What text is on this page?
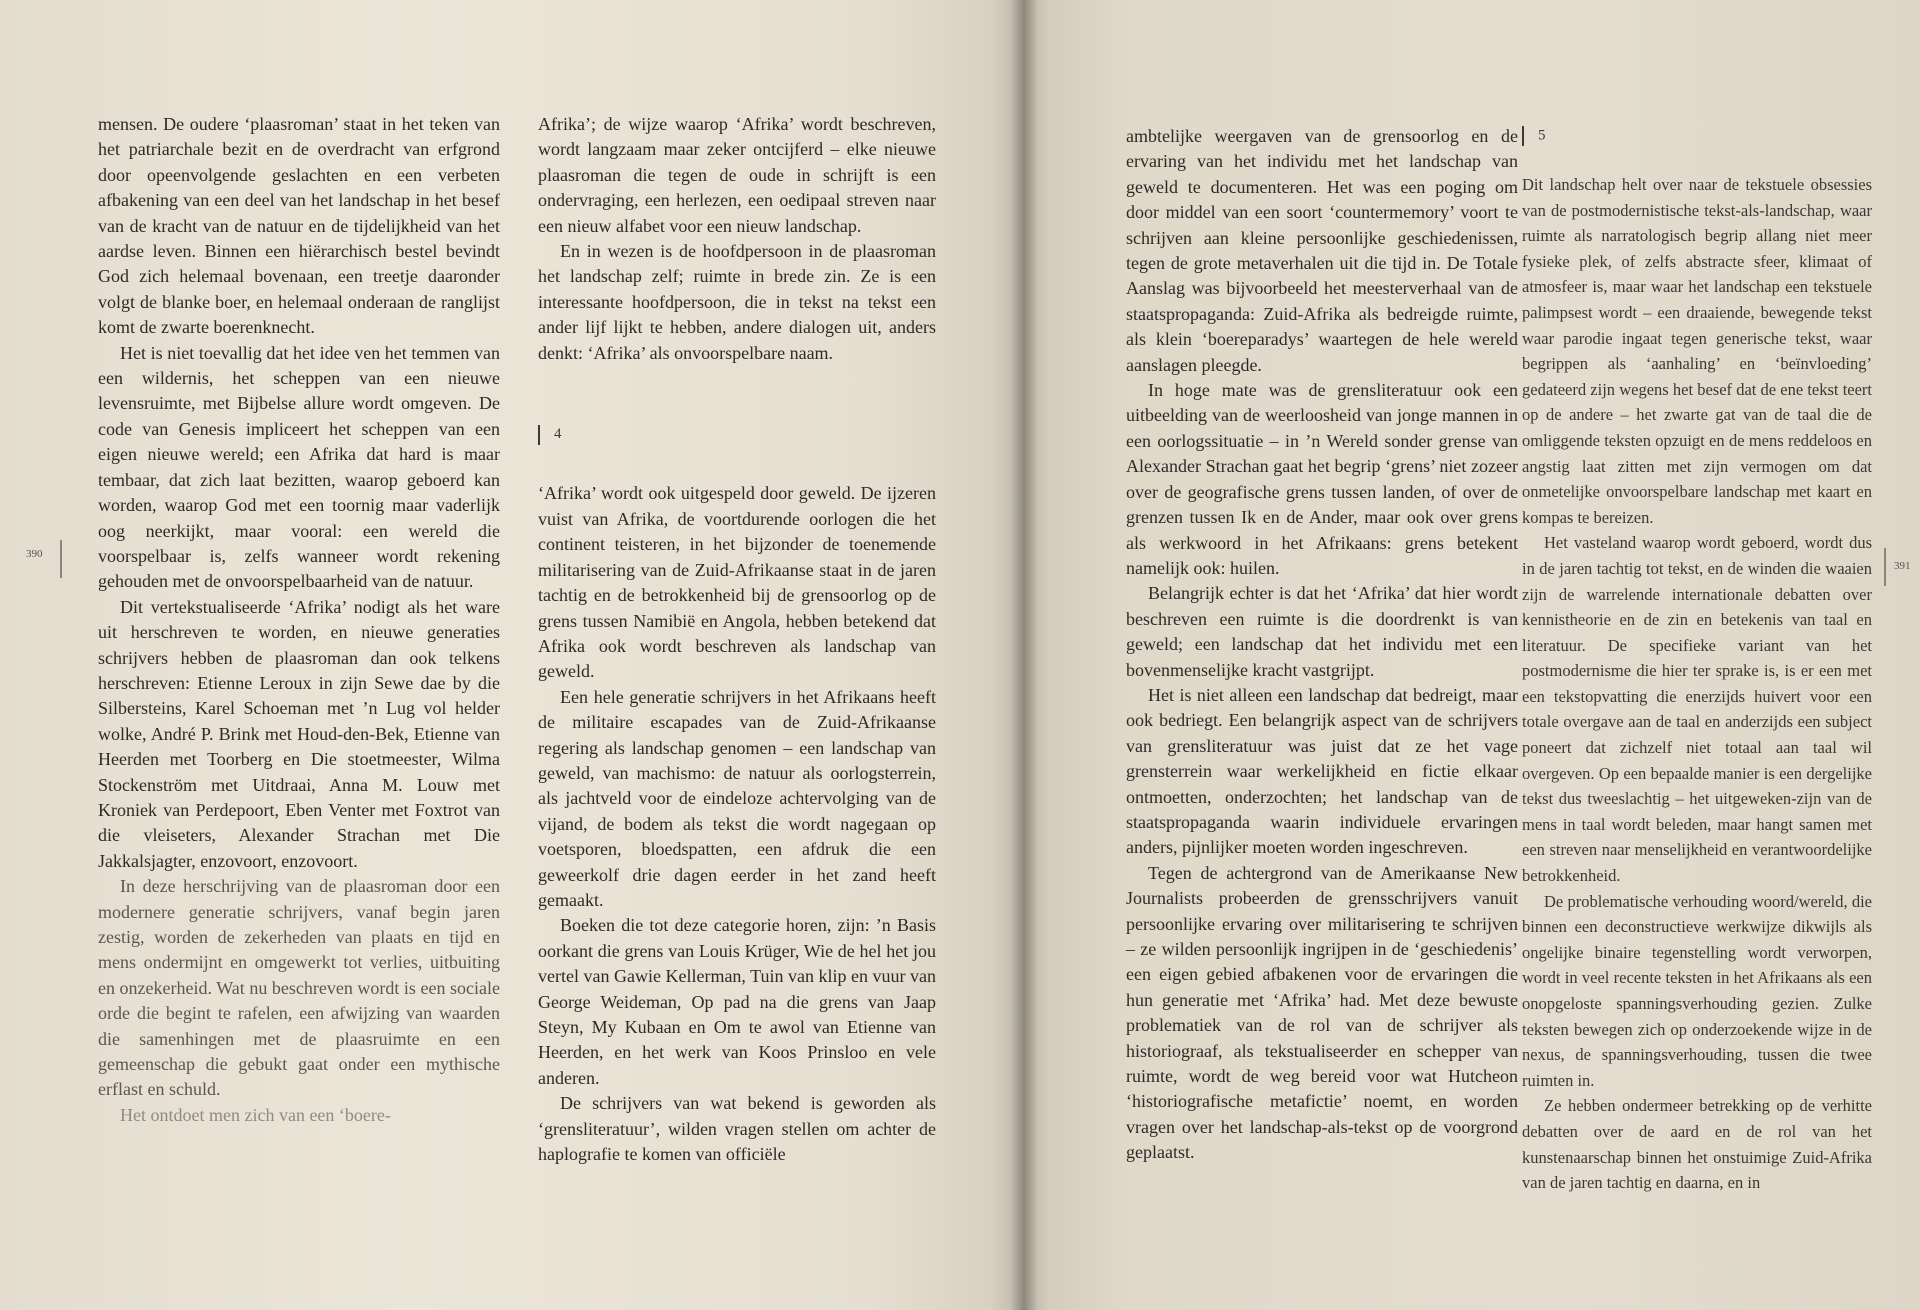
390

mensen. De oudere ‘plaasroman’ staat in het teken van het patriarchale bezit en de overdracht van erfgrond door opeenvolgende geslachten en een verbeten afbakening van een deel van het landschap in het besef van de kracht van de natuur en de tijdelijkheid van het aardse leven. Binnen een hiërarchisch bestel bevindt God zich helemaal bovenaan, een treetje daaronder volgt de blanke boer, en helemaal onderaan de ranglijst komt de zwarte boerenknecht.

Het is niet toevallig dat het idee ven het temmen van een wildernis, het scheppen van een nieuwe levensruimte, met Bijbelse allure wordt omgeven. De code van Genesis impliceert het scheppen van een eigen nieuwe wereld; een Afrika dat hard is maar tembaar, dat zich laat bezitten, waarop geboerd kan worden, waarop God met een toornig maar vaderlijk oog neerkijkt, maar vooral: een wereld die voorspelbaar is, zelfs wanneer wordt rekening gehouden met de onvoorspelbaarheid van de natuur.

Dit vertekstualiseerde ‘Afrika’ nodigt als het ware uit herschreven te worden, en nieuwe generaties schrijvers hebben de plaasroman dan ook telkens herschreven: Etienne Leroux in zijn Sewe dae by die Silbersteins, Karel Schoeman met ’n Lug vol helder wolke, André P. Brink met Houd-den-Bek, Etienne van Heerden met Toorberg en Die stoetmeester, Wilma Stockenström met Uitdraai, Anna M. Louw met Kroniek van Perdepoort, Eben Venter met Foxtrot van die vleiseters, Alexander Strachan met Die Jakkalsjagter, enzovoort, enzovoort.

In deze herschrijving van de plaasroman door een modernere generatie schrijvers, vanaf begin jaren zestig, worden de zekerheden van plaats en tijd en mens ondermijnt en omgewerkt tot verlies, uitbuiting en onzekerheid. Wat nu beschreven wordt is een sociale orde die begint te rafelen, een afwijzing van waarden die samenhingen met de plaasruimte en een gemeenschap die gebukt gaat onder een mythische erflast en schuld.

Het ontdoet men zich van een ‘boere-

Afrika’; de wijze waarop ‘Afrika’ wordt beschreven, wordt langzaam maar zeker ontcijferd – elke nieuwe plaasroman die tegen de oude in schrijft is een ondervraging, een herlezen, een oedipaal streven naar een nieuw alfabet voor een nieuw landschap.

En in wezen is de hoofdpersoon in de plaasroman het landschap zelf; ruimte in brede zin. Ze is een interessante hoofdpersoon, die in tekst na tekst een ander lijf lijkt te hebben, andere dialogen uit, anders denkt: ‘Afrika’ als onvoorspelbare naam.

4

‘Afrika’ wordt ook uitgespeld door geweld. De ijzeren vuist van Afrika, de voortdurende oorlogen die het continent teisteren, in het bijzonder de toenemende militarisering van de Zuid-Afrikaanse staat in de jaren tachtig en de betrokkenheid bij de grensoorlog op de grens tussen Namibië en Angola, hebben betekend dat Afrika ook wordt beschreven als landschap van geweld.

Een hele generatie schrijvers in het Afrikaans heeft de militaire escapades van de Zuid-Afrikaanse regering als landschap genomen – een landschap van geweld, van machismo: de natuur als oorlogsterrein, als jachtveld voor de eindeloze achtervolging van de vijand, de bodem als tekst die wordt nagegaan op voetsporen, bloedspatten, een afdruk die een geweerkolf drie dagen eerder in het zand heeft gemaakt.

Boeken die tot deze categorie horen, zijn: ’n Basis oorkant die grens van Louis Krüger, Wie de hel het jou vertel van Gawie Kellerman, Tuin van klip en vuur van George Weideman, Op pad na die grens van Jaap Steyn, My Kubaan en Om te awol van Etienne van Heerden, en het werk van Koos Prinsloo en vele anderen.

De schrijvers van wat bekend is geworden als ‘grensliteratuur’, wilden vragen stellen om achter de haplografie te komen van officiële

391

ambtelijke weergaven van de grensoorlog en de ervaring van het individu met het landschap van geweld te documenteren. Het was een poging om door middel van een soort ‘countermemory’ voort te schrijven aan kleine persoonlijke geschiedenissen, tegen de grote metaverhalen uit die tijd in. De Totale Aanslag was bijvoorbeeld het meesterverhaal van de staatspropaganda: Zuid-Afrika als bedreigde ruimte, als klein ‘boereparadys’ waartegen de hele wereld aanslagen pleegde.

In hoge mate was de grensliteratuur ook een uitbeelding van de weerloosheid van jonge mannen in een oorlogssituatie – in ’n Wereld sonder grense van Alexander Strachan gaat het begrip ‘grens’ niet zozeer over de geografische grens tussen landen, of over de grenzen tussen Ik en de Ander, maar ook over grens als werkwoord in het Afrikaans: grens betekent namelijk ook: huilen.

Belangrijk echter is dat het ‘Afrika’ dat hier wordt beschreven een ruimte is die doordrenkt is van geweld; een landschap dat het individu met een bovenmenselijke kracht vastgrijpt.

Het is niet alleen een landschap dat bedreigt, maar ook bedriegt. Een belangrijk aspect van de schrijvers van grensliteratuur was juist dat ze het vage grensterrein waar werkelijkheid en fictie elkaar ontmoetten, onderzochten; het landschap van de staatspropaganda waarin individuele ervaringen anders, pijnlijker moeten worden ingeschreven.

Tegen de achtergrond van de Amerikaanse New Journalists probeerden de grensschrijvers vanuit persoonlijke ervaring over militarisering te schrijven – ze wilden persoonlijk ingrijpen in de ‘geschiedenis’ een eigen gebied afbakenen voor de ervaringen die hun generatie met ‘Afrika’ had. Met deze bewuste problematiek van de rol van de schrijver als historiograaf, als tekstualiseerder en schepper van ruimte, wordt de weg bereid voor wat Hutcheon ‘historiografische metafictie’ noemt, en worden vragen over het landschap-als-tekst op de voorgrond geplaatst.

5

Dit landschap helt over naar de tekstuele obsessies van de postmodernistische tekst-als-landschap, waar ruimte als narratologisch begrip allang niet meer fysieke plek, of zelfs abstracte sfeer, klimaat of atmosfeer is, maar waar het landschap een tekstuele palimpsest wordt – een draaiende, bewegende tekst waar parodie ingaat tegen generische tekst, waar begrippen als ‘aanhaling’ en ‘beïnvloeding’ gedateerd zijn wegens het besef dat de ene tekst teert op de andere – het zwarte gat van de taal die de omliggende teksten opzuigt en de mens reddeloos en angstig laat zitten met zijn vermogen om dat onmetelijke onvoorspelbare landschap met kaart en kompas te bereizen.

Het vasteland waarop wordt geboerd, wordt dus in de jaren tachtig tot tekst, en de winden die waaien zijn de warrelende internationale debatten over kennistheorie en de zin en betekenis van taal en literatuur. De specifieke variant van het postmodernisme die hier ter sprake is, is er een met een tekstopvatting die enerzijds huivert voor een totale overgave aan de taal en anderzijds een subject poneert dat zichzelf niet totaal aan taal wil overgeven. Op een bepaalde manier is een dergelijke tekst dus tweeslachtig – het uitgeweken-zijn van de mens in taal wordt beleden, maar hangt samen met een streven naar menselijkheid en verantwoordelijke betrokkenheid.

De problematische verhouding woord/wereld, die binnen een deconstructieve werkwijze dikwijls als ongelijke binaire tegenstelling wordt verworpen, wordt in veel recente teksten in het Afrikaans als een onopgeloste spanningsverhouding gezien. Zulke teksten bewegen zich op onderzoekende wijze in de nexus, de spanningsverhouding, tussen die twee ruimten in.

Ze hebben ondermeer betrekking op de verhitte debatten over de aard en de rol van het kunstenaarschap binnen het onstuimige Zuid-Afrika van de jaren tachtig en daarna, en in
